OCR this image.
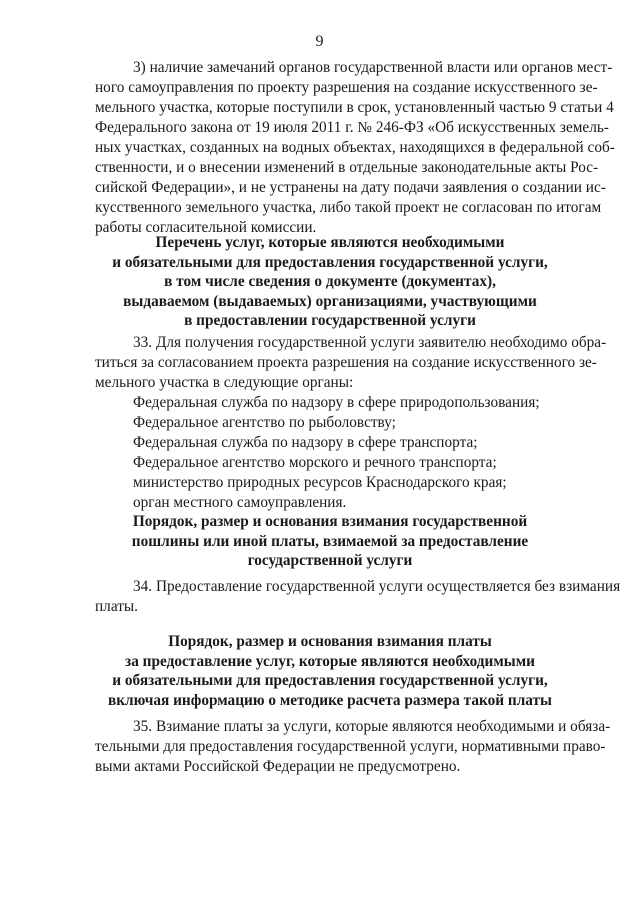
9
3) наличие замечаний органов государственной власти или органов мест-
ного самоуправления по проекту разрешения на создание искусственного зе-
мельного участка, которые поступили в срок, установленный частью 9 статьи 4
Федерального закона от 19 июля 2011 г. № 246-ФЗ «Об искусственных земель-
ных участках, созданных на водных объектах, находящихся в федеральной соб-
ственности, и о внесении изменений в отдельные законодательные акты Рос-
сийской Федерации», и не устранены на дату подачи заявления о создании ис-
кусственного земельного участка, либо такой проект не согласован по итогам
работы согласительной комиссии.
Перечень услуг, которые являются необходимыми
и обязательными для предоставления государственной услуги,
в том числе сведения о документе (документах),
выдаваемом (выдаваемых) организациями, участвующими
в предоставлении государственной услуги
33. Для получения государственной услуги заявителю необходимо обра-
титься за согласованием проекта разрешения на создание искусственного зе-
мельного участка в следующие органы:
Федеральная служба по надзору в сфере природопользования;
Федеральное агентство по рыболовству;
Федеральная служба по надзору в сфере транспорта;
Федеральное агентство морского и речного транспорта;
министерство природных ресурсов Краснодарского края;
орган местного самоуправления.
Порядок, размер и основания взимания государственной
пошлины или иной платы, взимаемой за предоставление
государственной услуги
34. Предоставление государственной услуги осуществляется без взимания
платы.
Порядок, размер и основания взимания платы
за предоставление услуг, которые являются необходимыми
и обязательными для предоставления государственной услуги,
включая информацию о методике расчета размера такой платы
35. Взимание платы за услуги, которые являются необходимыми и обяза-
тельными для предоставления государственной услуги, нормативными право-
выми актами Российской Федерации не предусмотрено.
